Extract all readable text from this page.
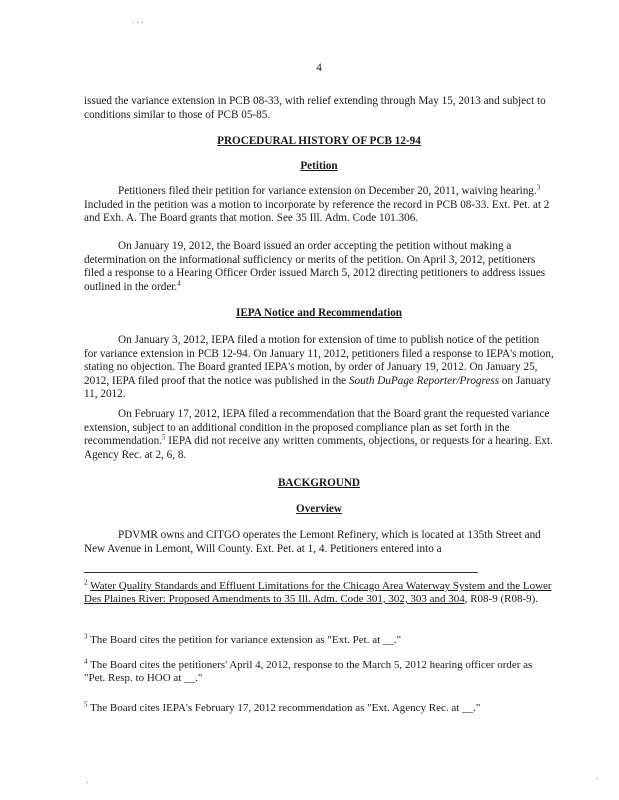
. . .

4

issued the variance extension in PCB 08-33, with relief extending through May 15, 2013 and subject to conditions similar to those of PCB 05-85.

PROCEDURAL HISTORY OF PCB 12-94

Petition

Petitioners filed their petition for variance extension on December 20, 2011, waiving hearing.$^3$ Included in the petition was a motion to incorporate by reference the record in PCB 08-33. Ext. Pet. at 2 and Exh. A. The Board grants that motion. See 35 Ill. Adm. Code 101.306.

On January 19, 2012, the Board issued an order accepting the petition without making a determination on the informational sufficiency or merits of the petition. On April 3, 2012, petitioners filed a response to a Hearing Officer Order issued March 5, 2012 directing petitioners to address issues outlined in the order.$^4$

IEPA Notice and Recommendation

On January 3, 2012, IEPA filed a motion for extension of time to publish notice of the petition for variance extension in PCB 12-94. On January 11, 2012, petitioners filed a response to IEPA's motion, stating no objection. The Board granted IEPA's motion, by order of January 19, 2012. On January 25, 2012, IEPA filed proof that the notice was published in the South DuPage Reporter/Progress on January 11, 2012.

On February 17, 2012, IEPA filed a recommendation that the Board grant the requested variance extension, subject to an additional condition in the proposed compliance plan as set forth in the recommendation.$^5$ IEPA did not receive any written comments, objections, or requests for a hearing. Ext. Agency Rec. at 2, 6, 8.

BACKGROUND

Overview

PDVMR owns and CITGO operates the Lemont Refinery, which is located at 135th Street and New Avenue in Lemont, Will County. Ext. Pet. at 1, 4. Petitioners entered into a

$^2$ Water Quality Standards and Effluent Limitations for the Chicago Area Waterway System and the Lower Des Plaines River: Proposed Amendments to 35 Ill. Adm. Code 301, 302, 303 and 304, R08-9 (R08-9).

$^3$ The Board cites the petition for variance extension as "Ext. Pet. at __."

$^4$ The Board cites the petitioners' April 4, 2012, response to the March 5, 2012 hearing officer order as "Pet. Resp. to HOO at __."

$^5$ The Board cites IEPA's February 17, 2012 recommendation as "Ext. Agency Rec. at __."

.	.
